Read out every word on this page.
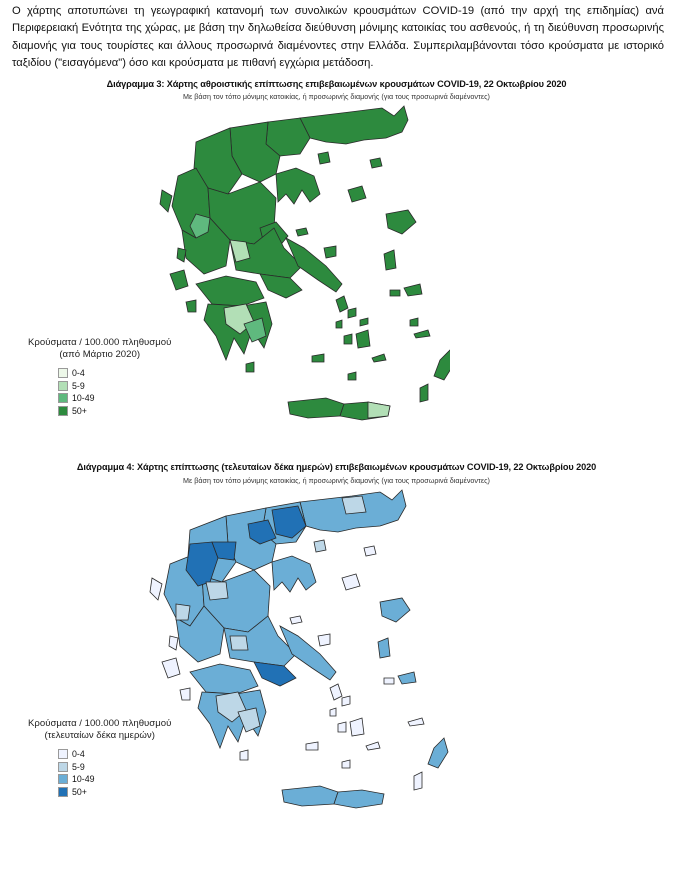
Ο χάρτης αποτυπώνει τη γεωγραφική κατανομή των συνολικών κρουσμάτων COVID-19 (από την αρχή της επιδημίας) ανά Περιφερειακή Ενότητα της χώρας, με βάση την δηλωθείσα διεύθυνση μόνιμης κατοικίας του ασθενούς, ή τη διεύθυνση προσωρινής διαμονής για τους τουρίστες και άλλους προσωρινά διαμένοντες στην Ελλάδα. Συμπεριλαμβάνονται τόσο κρούσματα με ιστορικό ταξιδίου ("εισαγόμενα") όσο και κρούσματα με πιθανή εγχώρια μετάδοση.

Διάγραμμα 3: Χάρτης αθροιστικής επίπτωσης επιβεβαιωμένων κρουσμάτων COVID-19, 22 Οκτωβρίου 2020
Με βάση τον τόπο μόνιμης κατοικίας, ή προσωρινής διαμονής (για τους προσωρινά διαμένοντες)
Κρούσματα / 100.000 πληθυσμού
(από Μάρτιο 2020)
0-4
5-9
10-49
50+
Διάγραμμα 4: Χάρτης επίπτωσης (τελευταίων δέκα ημερών) επιβεβαιωμένων κρουσμάτων COVID-19, 22 Οκτωβρίου 2020
Με βάση τον τόπο μόνιμης κατοικίας, ή προσωρινής διαμονής (για τους προσωρινά διαμένοντες)
Κρούσματα / 100.000 πληθυσμού
(τελευταίων δέκα ημερών)
0-4
5-9
10-49
50+
